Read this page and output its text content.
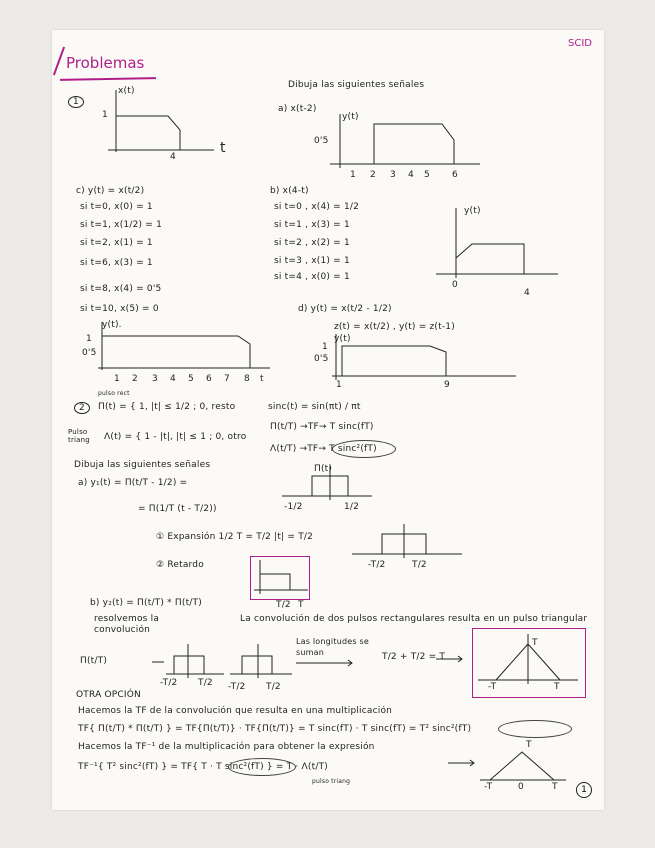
Problemas
SCID
1
x(t)
1
4
t
Dibuja las siguientes señales
a) x(t-2)
y(t)
0'5
1 2 3 4 5 6
c) y(t) = x(t/2)
si t=0, x(0) = 1
si t=1, x(1/2) = 1
si t=2, x(1) = 1
si t=6, x(3) = 1
si t=8, x(4) = 0'5
si t=10, x(5) = 0
b) x(4-t)
si t=0 , x(4) = 1/2
si t=1 , x(3) = 1
si t=2 , x(2) = 1
si t=3 , x(1) = 1
si t=4 , x(0) = 1
y(t)
0
4
y(t).
1
0'5
1 2 3 4 5 6 7 8 t
d) y(t) = x(t/2 - 1/2)
z(t) = x(t/2) , y(t) = z(t-1)
y(t)
1
0'5
1	9
2
pulso rect
Π(t) = { 1, |t| ≤ 1/2 ; 0, resto
Pulso triang	Λ(t) = { 1 - |t|, |t| ≤ 1 ; 0, otro
sinc(t) = sin(πt) / πt
Π(t/T) →TF→ T sinc(fT)
Λ(t/T) →TF→ T sinc²(fT)
Dibuja las siguientes señales
a) y₁(t) = Π(t/T - 1/2) =
= Π(1/T (t - T/2))
Π(t)
-1/2	1/2
① Expansión 1/2 T = T/2 |t| = T/2
② Retardo	-T/2	T/2
T/2 T
b) y₂(t) = Π(t/T) * Π(t/T)
resolvemos la convolución
La convolución de dos pulsos rectangulares resulta en un pulso triangular
Π(t/T)
-T/2 T/2 -T/2 T/2
Las longitudes se suman	T/2 + T/2 = T
T
-T	T
OTRA OPCIÓN
Hacemos la TF de la convolución que resulta en una multiplicación
TF{ Π(t/T) * Π(t/T) } = TF{Π(t/T)} · TF{Π(t/T)} = T sinc(fT) · T sinc(fT) = T² sinc²(fT)
Hacemos la TF⁻¹ de la multiplicación para obtener la expresión
TF⁻¹{ T² sinc²(fT) } = TF{ T · T sinc²(fT) } = T · Λ(t/T)
pulso triang
T
-T	0	T	1
